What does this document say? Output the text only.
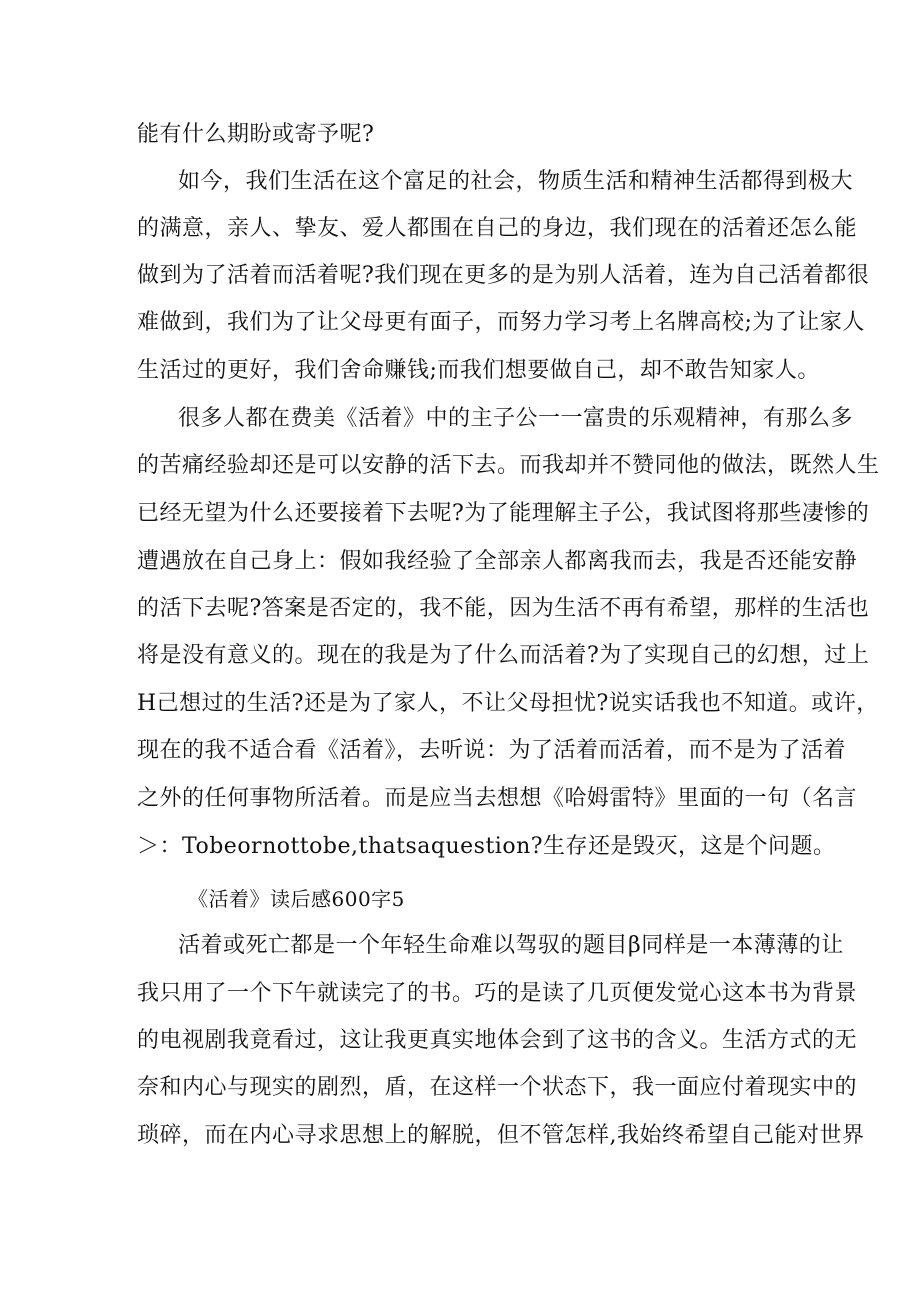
能有什么期盼或寄予呢?
如今，我们生活在这个富足的社会，物质生活和精神生活都得到极大
的满意，亲人、挚友、爱人都围在自己的身边，我们现在的活着还怎么能
做到为了活着而活着呢?我们现在更多的是为别人活着，连为自己活着都很
难做到，我们为了让父母更有面子，而努力学习考上名牌高校;为了让家人
生活过的更好，我们舍命赚钱;而我们想要做自己，却不敢告知家人。
很多人都在费美《活着》中的主子公一一富贵的乐观精神，有那么多
的苦痛经验却还是可以安静的活下去。而我却并不赞同他的做法，既然人生
已经无望为什么还要接着下去呢?为了能理解主子公，我试图将那些凄惨的
遭遇放在自己身上：假如我经验了全部亲人都离我而去，我是否还能安静
的活下去呢?答案是否定的，我不能，因为生活不再有希望，那样的生活也
将是没有意义的。现在的我是为了什么而活着?为了实现自己的幻想，过上
H己想过的生活?还是为了家人，不让父母担忧?说实话我也不知道。或许，
现在的我不适合看《活着》，去听说：为了活着而活着，而不是为了活着
之外的任何事物所活着。而是应当去想想《哈姆雷特》里面的一句（名言
＞：Tobeornottobe,thatsaquestion?生存还是毁灭，这是个问题。
《活着》读后感600字5
活着或死亡都是一个年轻生命难以驾驭的题目β同样是一本薄薄的让
我只用了一个下午就读完了的书。巧的是读了几页便发觉心这本书为背景
的电视剧我竟看过，这让我更真实地体会到了这书的含义。生活方式的无
奈和内心与现实的剧烈，盾，在这样一个状态下，我一面应付着现实中的
琐碎，而在内心寻求思想上的解脱，但不管怎样,我始终希望自己能对世界
